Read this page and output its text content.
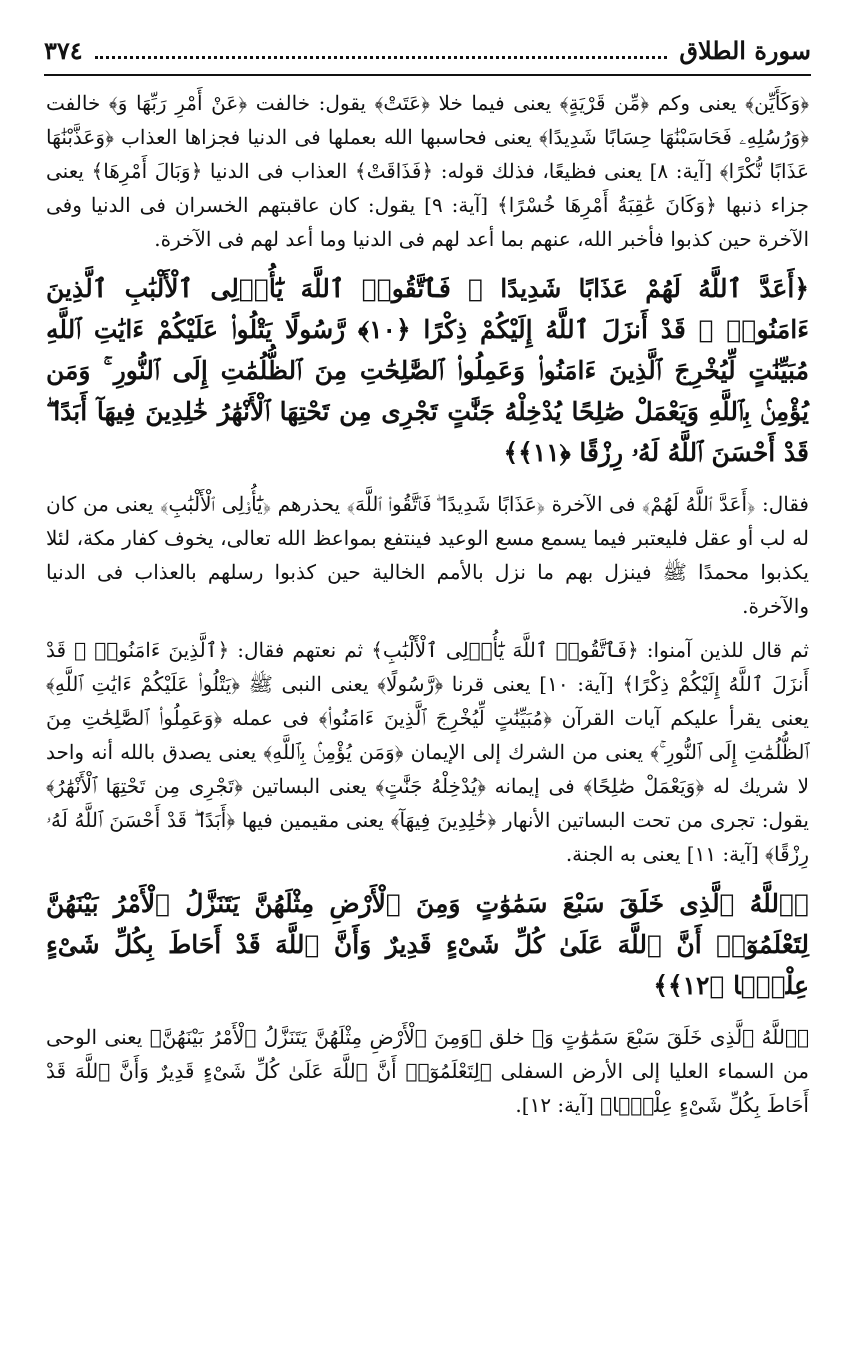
سورة الطلاق
٣٧٤

﴿وَكَأَيِّن﴾ يعنى وكم ﴿مِّن قَرْيَةٍ﴾ يعنى فيما خلا ﴿عَتَتْ﴾ يقول: خالفت ﴿عَنْ أَمْرِ رَبِّهَا وَ﴾ خالفت ﴿وَرُسُلِهِۦ فَحَاسَبْنَٰهَا حِسَابًا شَدِيدًا﴾ يعنى فحاسبها الله بعملها فى الدنيا فجزاها العذاب ﴿وَعَذَّبْنَٰهَا عَذَابًا نُّكْرًا﴾ [آية: ٨] يعنى فظيعًا، فذلك قوله: ﴿فَذَاقَتْ﴾ العذاب فى الدنيا ﴿وَبَالَ أَمْرِهَا﴾ يعنى جزاء ذنبها ﴿وَكَانَ عَٰقِبَةُ أَمْرِهَا خُسْرًا﴾ [آية: ٩] يقول: كان عاقبتهم الخسران فى الدنيا وفى الآخرة حين كذبوا فأخبر الله، عنهم بما أعد لهم فى الدنيا وما أعد لهم فى الآخرة.

﴿أَعَدَّ ٱللَّهُ لَهُمْ عَذَابًا شَدِيدًا ۖ فَٱتَّقُوا۟ ٱللَّهَ يَٰٓأُو۟لِى ٱلْأَلْبَٰبِ ٱلَّذِينَ ءَامَنُوا۟ ۚ قَدْ أَنزَلَ ٱللَّهُ إِلَيْكُمْ ذِكْرًا ﴿١٠﴾ رَّسُولًا يَتْلُوا۟ عَلَيْكُمْ ءَايَٰتِ ٱللَّهِ مُبَيِّنَٰتٍ لِّيُخْرِجَ ٱلَّذِينَ ءَامَنُوا۟ وَعَمِلُوا۟ ٱلصَّٰلِحَٰتِ مِنَ ٱلظُّلُمَٰتِ إِلَى ٱلنُّورِ ۚ وَمَن يُؤْمِنۢ بِٱللَّهِ وَيَعْمَلْ صَٰلِحًا يُدْخِلْهُ جَنَّٰتٍ تَجْرِى مِن تَحْتِهَا ٱلْأَنْهَٰرُ خَٰلِدِينَ فِيهَآ أَبَدًا ۖ قَدْ أَحْسَنَ ٱللَّهُ لَهُۥ رِزْقًا ﴿١١﴾﴾

فقال: ﴿أَعَدَّ ٱللَّهُ لَهُمْ﴾ فى الآخرة ﴿عَذَابًا شَدِيدًا ۖ فَٱتَّقُوا۟ ٱللَّهَ﴾ يحذرهم ﴿يَٰٓأُو۟لِى ٱلْأَلْبَٰبِ﴾ يعنى من كان له لب أو عقل فليعتبر فيما يسمع مسع الوعيد فينتفع بمواعظ الله تعالى، يخوف كفار مكة، لئلا يكذبوا محمدًا ﷺ فينزل بهم ما نزل بالأمم الخالية حين كذبوا رسلهم بالعذاب فى الدنيا والآخرة.

ثم قال للذين آمنوا: ﴿فَٱتَّقُوا۟ ٱللَّهَ يَٰٓأُو۟لِى ٱلْأَلْبَٰبِ﴾ ثم نعتهم فقال: ﴿ٱلَّذِينَ ءَامَنُوا۟ ۚ قَدْ أَنزَلَ ٱللَّهُ إِلَيْكُمْ ذِكْرًا﴾ [آية: ١٠] يعنى قرنا ﴿رَّسُولًا﴾ يعنى النبى ﷺ ﴿يَتْلُوا۟ عَلَيْكُمْ ءَايَٰتِ ٱللَّهِ﴾ يعنى يقرأ عليكم آيات القرآن ﴿مُبَيِّنَٰتٍ لِّيُخْرِجَ ٱلَّذِينَ ءَامَنُوا۟﴾ فى عمله ﴿وَعَمِلُوا۟ ٱلصَّٰلِحَٰتِ مِنَ ٱلظُّلُمَٰتِ إِلَى ٱلنُّورِ ۚ﴾ يعنى من الشرك إلى الإيمان ﴿وَمَن يُؤْمِنۢ بِٱللَّهِ﴾ يعنى يصدق بالله أنه واحد لا شريك له ﴿وَيَعْمَلْ صَٰلِحًا﴾ فى إيمانه ﴿يُدْخِلْهُ جَنَّٰتٍ﴾ يعنى البساتين ﴿تَجْرِى مِن تَحْتِهَا ٱلْأَنْهَٰرُ﴾ يقول: تجرى من تحت البساتين الأنهار ﴿خَٰلِدِينَ فِيهَآ﴾ يعنى مقيمين فيها ﴿أَبَدًا ۖ قَدْ أَحْسَنَ ٱللَّهُ لَهُۥ رِزْقًا﴾ [آية: ١١] يعنى به الجنة.

﴿ٱللَّهُ ٱلَّذِى خَلَقَ سَبْعَ سَمَٰوَٰتٍ وَمِنَ ٱلْأَرْضِ مِثْلَهُنَّ يَتَنَزَّلُ ٱلْأَمْرُ بَيْنَهُنَّ لِتَعْلَمُوٓا۟ أَنَّ ٱللَّهَ عَلَىٰ كُلِّ شَىْءٍ قَدِيرٌ وَأَنَّ ٱللَّهَ قَدْ أَحَاطَ بِكُلِّ شَىْءٍ عِلْمًۢا ﴿١٢﴾﴾

﴿ٱللَّهُ ٱلَّذِى خَلَقَ سَبْعَ سَمَٰوَٰتٍ وَ﴾ خلق ﴿وَمِنَ ٱلْأَرْضِ مِثْلَهُنَّ يَتَنَزَّلُ ٱلْأَمْرُ بَيْنَهُنَّ﴾ يعنى الوحى من السماء العليا إلى الأرض السفلى ﴿لِتَعْلَمُوٓا۟ أَنَّ ٱللَّهَ عَلَىٰ كُلِّ شَىْءٍ قَدِيرٌ وَأَنَّ ٱللَّهَ قَدْ أَحَاطَ بِكُلِّ شَىْءٍ عِلْمًۢا﴾ [آية: ١٢].
